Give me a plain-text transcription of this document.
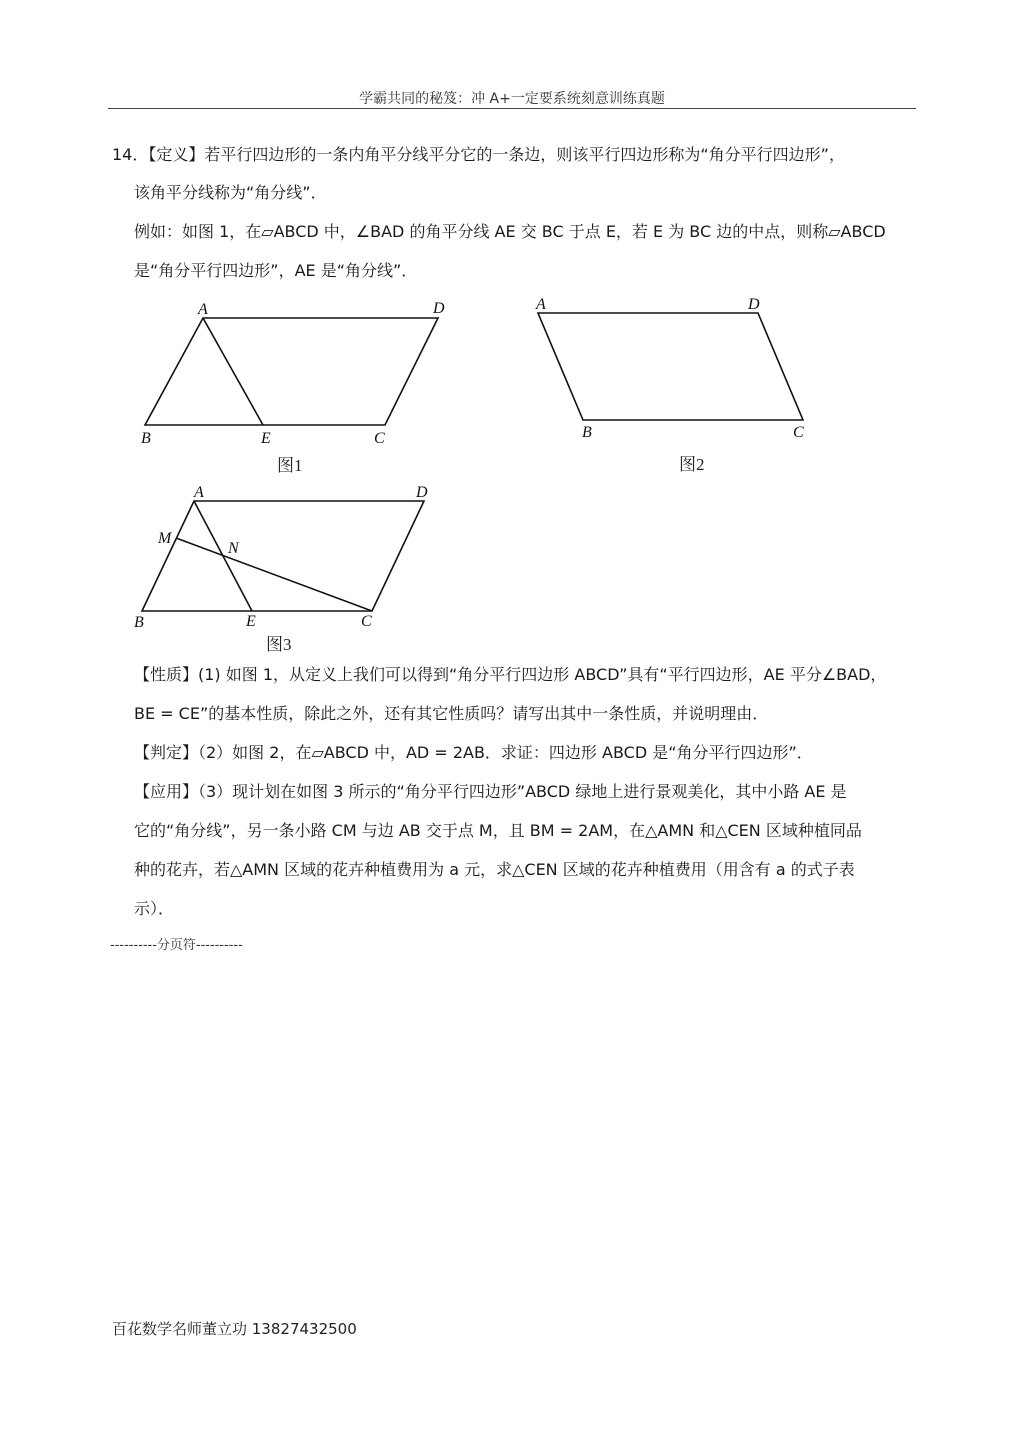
学霸共同的秘笈：冲 A+一定要系统刻意训练真题
14．【定义】若平行四边形的一条内角平分线平分它的一条边，则该平行四边形称为“角分平行四边形”，
该角平分线称为“角分线”．
例如：如图 1，在▱ABCD 中，∠BAD 的角平分线 AE 交 BC 于点 E，若 E 为 BC 边的中点，则称▱ABCD
是“角分平行四边形”，AE 是“角分线”．
A	D
B	E	C
图1
A	D
B	C
图2
A	D
M
N
B	E	C
图3
【性质】(1) 如图 1，从定义上我们可以得到“角分平行四边形 ABCD”具有“平行四边形，AE 平分∠BAD，
BE = CE”的基本性质，除此之外，还有其它性质吗？请写出其中一条性质，并说明理由．
【判定】（2）如图 2，在▱ABCD 中，AD = 2AB．求证：四边形 ABCD 是“角分平行四边形”．
【应用】（3）现计划在如图 3 所示的“角分平行四边形”ABCD 绿地上进行景观美化，其中小路 AE 是
它的“角分线”，另一条小路 CM 与边 AB 交于点 M，且 BM = 2AM，在△AMN 和△CEN 区域种植同品
种的花卉，若△AMN 区域的花卉种植费用为 a 元，求△CEN 区域的花卉种植费用（用含有 a 的式子表
示）．
----------分页符----------
百花数学名师董立功 13827432500
